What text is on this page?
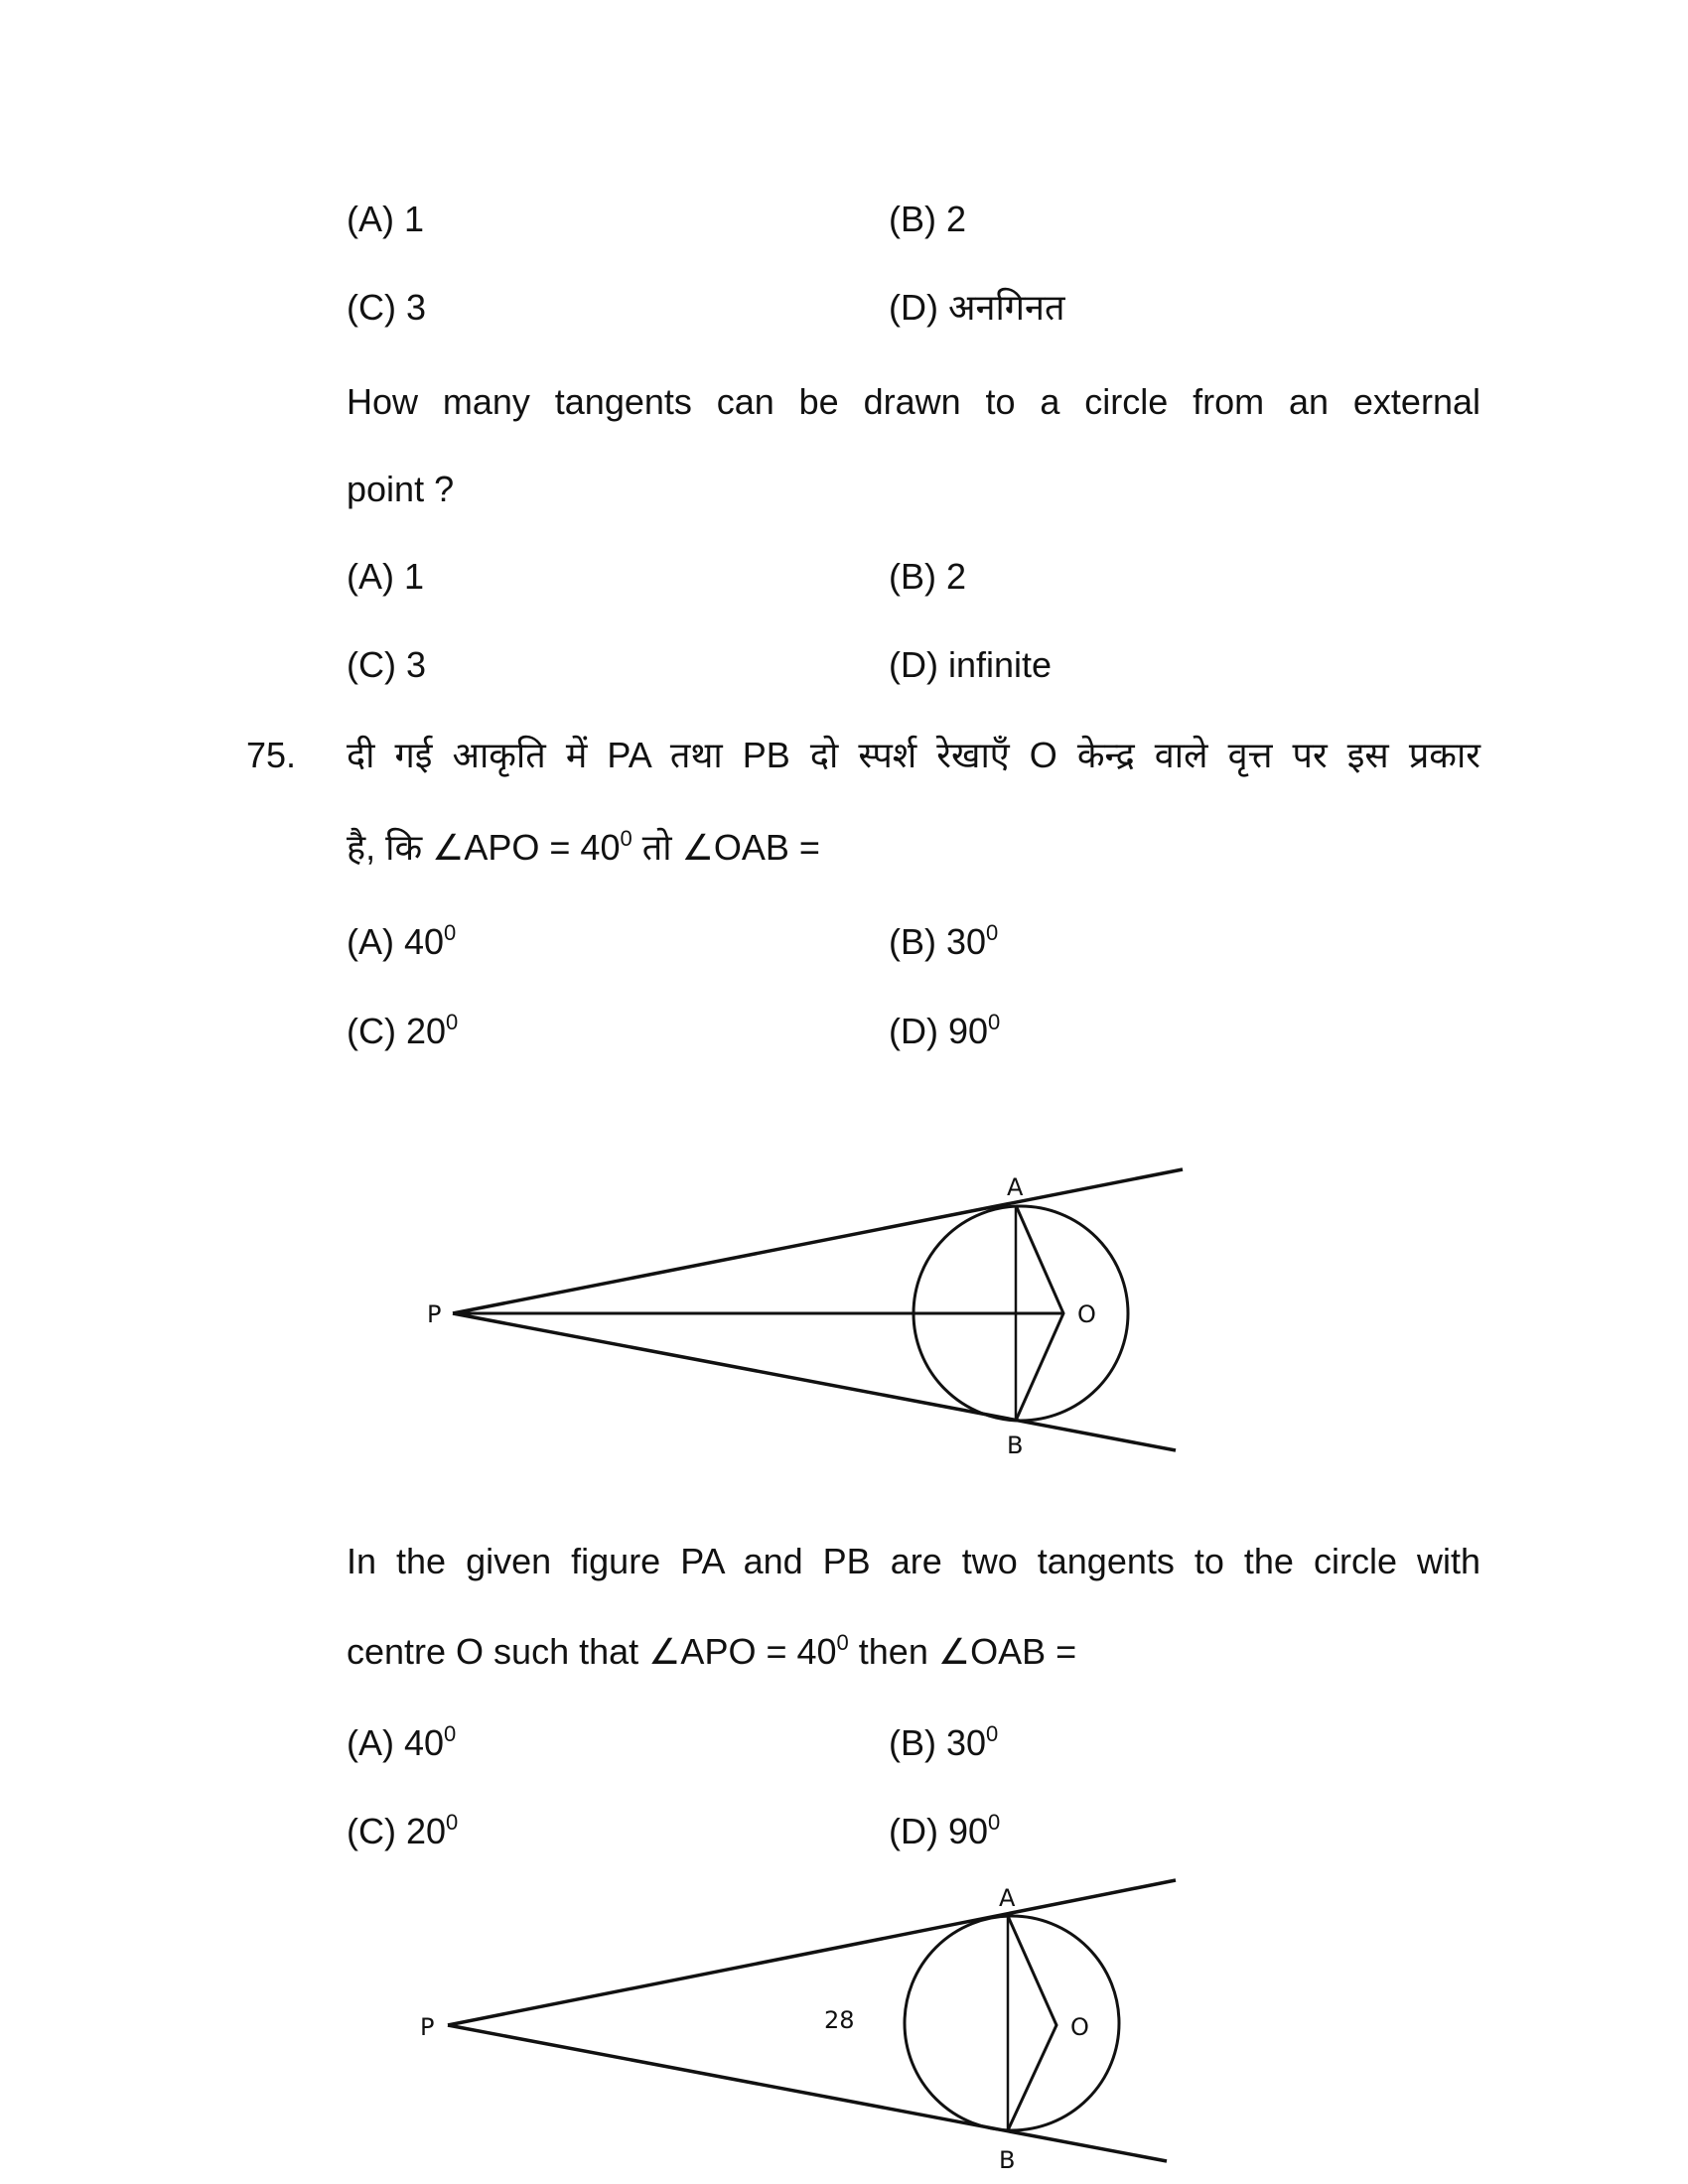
(A) 1	(B) 2
(C) 3	(D) अनगिनत
How many tangents can be drawn to a circle from an external
point ?
(A) 1	(B) 2
(C) 3	(D) infinite
75. दी गई आकृति में PA तथा PB दो स्पर्श रेखाएँ O केन्द्र वाले वृत्त पर इस प्रकार
है, कि ∠APO = $40^0$ तो ∠OAB =
(A) $40^0$	(B) $30^0$
(C) $20^0$	(D) $90^0$
P
A
B
O
P
A
B
O
28
In the given figure PA and PB are two tangents to the circle with
centre O such that ∠APO = $40^0$ then ∠OAB =
(A) $40^0$	(B) $30^0$
(C) $20^0$	(D) $90^0$
